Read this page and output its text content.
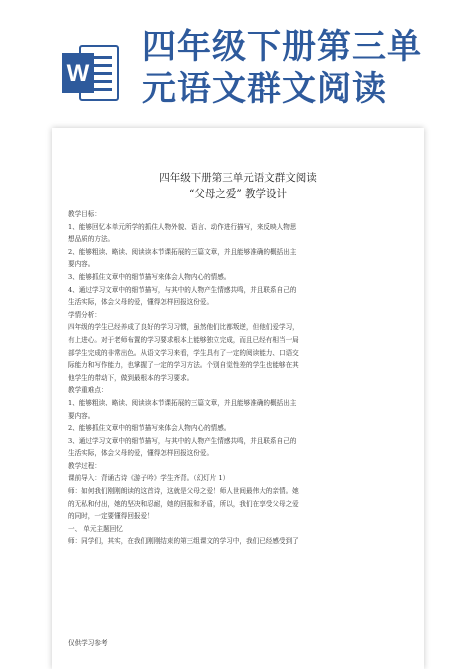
W
四年级下册第三单
元语文群文阅读
四年级下册第三单元语文群文阅读
“父母之爱” 教学设计
教学目标：
1、能够回忆本单元所学的抓住人物外貌、语言、动作进行描写，来反映人物思
想品质的方法。
2、能够粗读、略读、阅读读本节课拓展的三篇文章，并且能够准确的概括出主
要内容。
3、能够抓住文章中的细节描写来体会人物内心的情感。
4、通过学习文章中的细节描写，与其中的人物产生情感共鸣，并且联系自己的
生活实际，体会父母的爱，懂得怎样回报这份爱。
学情分析：
四年级的学生已经养成了良好的学习习惯，虽然他们比都叛逆，但他们爱学习，
有上进心。对于老师布置的学习要求根本上能够独立完成，而且已经有相当一局
部学生完成的非常出色。从语文学习来看，学生具有了一定的阅读能力、口语交
际能力和写作能力，也掌握了一定的学习方法。个别自觉性差的学生也能够在其
他学生的带动下，做到最根本的学习要求。
教学重难点：
1、能够粗读、略读、阅读读本节课拓展的三篇文章，并且能够准确的概括出主
要内容。
2、能够抓住文章中的细节描写来体会人物内心的情感。
3、通过学习文章中的细节描写，与其中的人物产生情感共鸣，并且联系自己的
生活实际，体会父母的爱，懂得怎样回报这份爱。
教学过程：
课前导入：背诵古诗《游子吟》学生齐背。（幻灯片 1）
师：如何我们刚刚朗读的这首诗，这就是父母之爱！师人世间最伟大的亲情。她
的无私和付出，她的坚决和忍耐，她的回报和矛盾，所以，我们在享受父母之爱
的同时，一定要懂得回报爱！
一、 单元主题回忆
师：同学们，其实，在我们刚刚结束的第三组课文的学习中，我们已经感受到了
仅供学习参考
